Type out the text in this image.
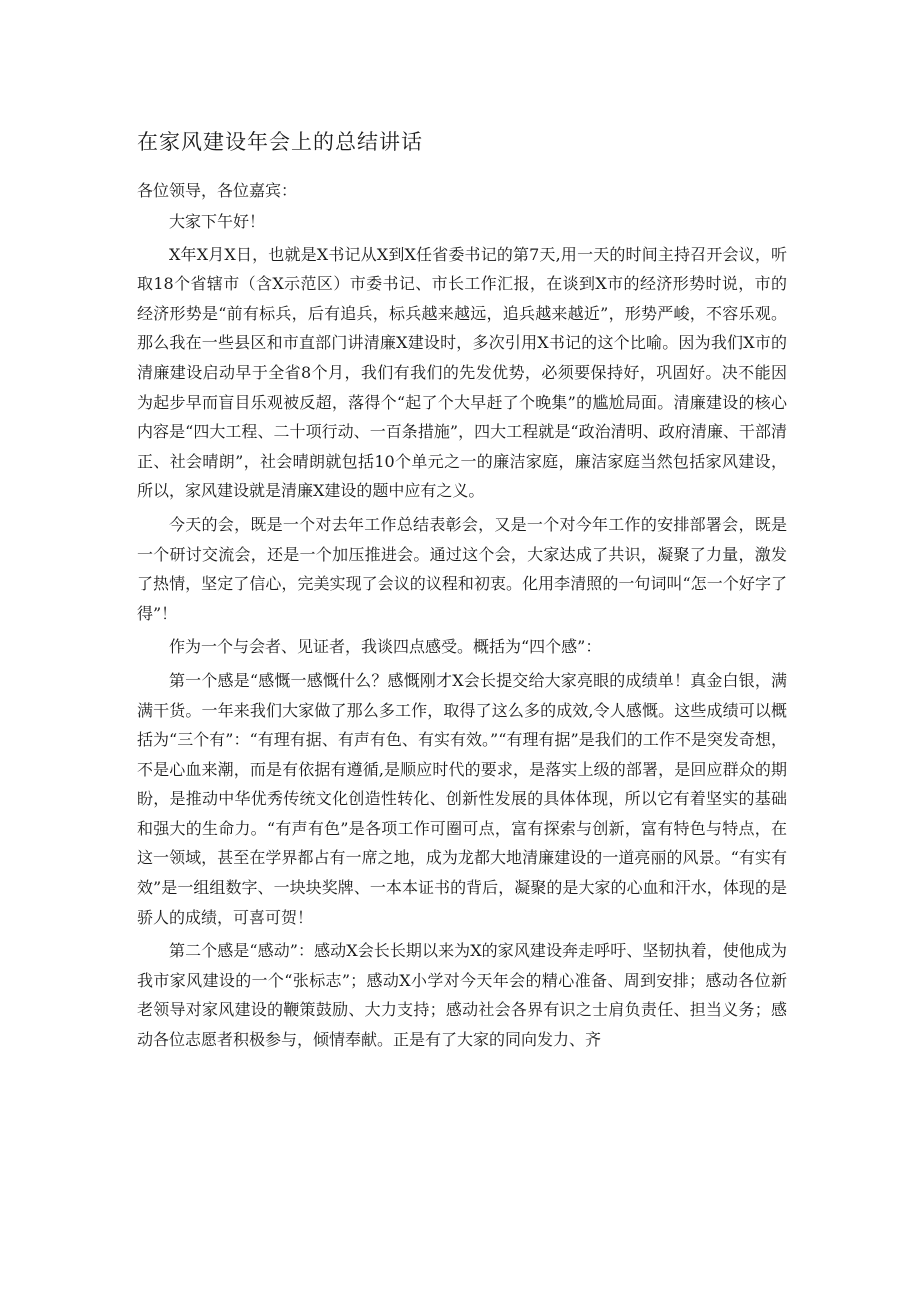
在家风建设年会上的总结讲话

各位领导，各位嘉宾：

大家下午好！

X年X月X日，也就是X书记从X到X任省委书记的第7天,用一天的时间主持召开会议，听取18个省辖市（含X示范区）市委书记、市长工作汇报，在谈到X市的经济形势时说，市的经济形势是“前有标兵，后有追兵，标兵越来越远，追兵越来越近”，形势严峻，不容乐观。那么我在一些县区和市直部门讲清廉X建设时，多次引用X书记的这个比喻。因为我们X市的清廉建设启动早于全省8个月，我们有我们的先发优势，必须要保持好，巩固好。决不能因为起步早而盲目乐观被反超，落得个“起了个大早赶了个晚集”的尴尬局面。清廉建设的核心内容是“四大工程、二十项行动、一百条措施”，四大工程就是“政治清明、政府清廉、干部清正、社会晴朗”，社会晴朗就包括10个单元之一的廉洁家庭，廉洁家庭当然包括家风建设，所以，家风建设就是清廉X建设的题中应有之义。

今天的会，既是一个对去年工作总结表彰会，又是一个对今年工作的安排部署会，既是一个研讨交流会，还是一个加压推进会。通过这个会，大家达成了共识，凝聚了力量，激发了热情，坚定了信心，完美实现了会议的议程和初衷。化用李清照的一句词叫“怎一个好字了得”！

作为一个与会者、见证者，我谈四点感受。概括为“四个感”：

第一个感是“感慨一感慨什么？感慨刚才X会长提交给大家亮眼的成绩单！真金白银，满满干货。一年来我们大家做了那么多工作，取得了这么多的成效,令人感慨。这些成绩可以概括为“三个有”：“有理有据、有声有色、有实有效。”“有理有据”是我们的工作不是突发奇想，不是心血来潮，而是有依据有遵循,是顺应时代的要求，是落实上级的部署，是回应群众的期盼，是推动中华优秀传统文化创造性转化、创新性发展的具体体现，所以它有着坚实的基础和强大的生命力。“有声有色”是各项工作可圈可点，富有探索与创新，富有特色与特点，在这一领域，甚至在学界都占有一席之地，成为龙都大地清廉建设的一道亮丽的风景。“有实有效”是一组组数字、一块块奖牌、一本本证书的背后，凝聚的是大家的心血和汗水，体现的是骄人的成绩，可喜可贺！

第二个感是“感动”：感动X会长长期以来为X的家风建设奔走呼吁、坚韧执着，使他成为我市家风建设的一个“张标志”；感动X小学对今天年会的精心准备、周到安排；感动各位新老领导对家风建设的鞭策鼓励、大力支持；感动社会各界有识之士肩负责任、担当义务；感动各位志愿者积极参与，倾情奉献。正是有了大家的同向发力、齐
